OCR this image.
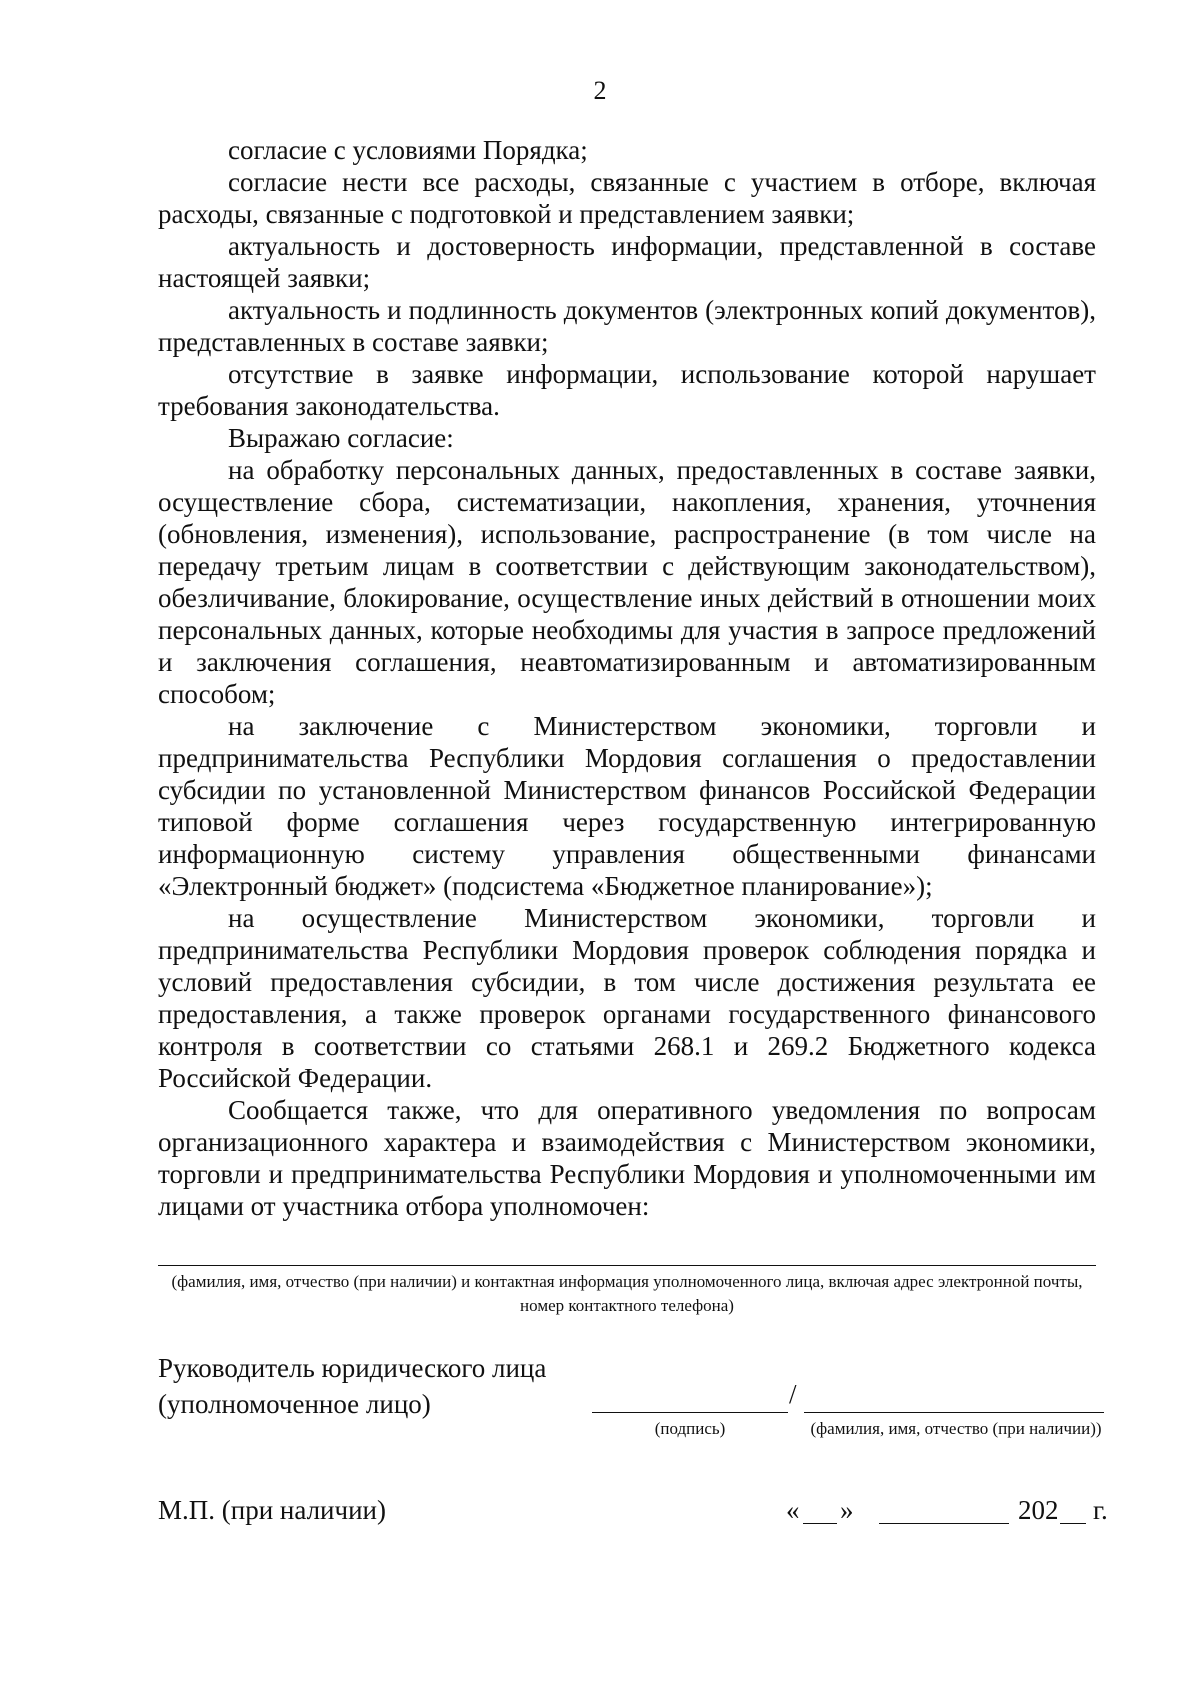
2

согласие с условиями Порядка;

согласие нести все расходы, связанные с участием в отборе, включая расходы, связанные с подготовкой и представлением заявки;

актуальность и достоверность информации, представленной в составе настоящей заявки;

актуальность и подлинность документов (электронных копий документов), представленных в составе заявки;

отсутствие в заявке информации, использование которой нарушает требования законодательства.

Выражаю согласие:

на обработку персональных данных, предоставленных в составе заявки, осуществление сбора, систематизации, накопления, хранения, уточнения (обновления, изменения), использование, распространение (в том числе на передачу третьим лицам в соответствии с действующим законодательством), обезличивание, блокирование, осуществление иных действий в отношении моих персональных данных, которые необходимы для участия в запросе предложений и заключения соглашения, неавтоматизированным и автоматизированным способом;

на заключение с Министерством экономики, торговли и предпринимательства Республики Мордовия соглашения о предоставлении субсидии по установленной Министерством финансов Российской Федерации типовой форме соглашения через государственную интегрированную информационную систему управления общественными финансами «Электронный бюджет» (подсистема «Бюджетное планирование»);

на осуществление Министерством экономики, торговли и предпринимательства Республики Мордовия проверок соблюдения порядка и условий предоставления субсидии, в том числе достижения результата ее предоставления, а также проверок органами государственного финансового контроля в соответствии со статьями 268.1 и 269.2 Бюджетного кодекса Российской Федерации.

Сообщается также, что для оперативного уведомления по вопросам организационного характера и взаимодействия с Министерством экономики, торговли и предпринимательства Республики Мордовия и уполномоченными им лицами от участника отбора уполномочен:

(фамилия, имя, отчество (при наличии) и контактная информация уполномоченного лица, включая адрес электронной почты, номер контактного телефона)
Руководитель юридического лица
(уполномоченное лицо)	/
(подпись)	(фамилия, имя, отчество (при наличии))
М.П. (при наличии)	« »	202 г.
